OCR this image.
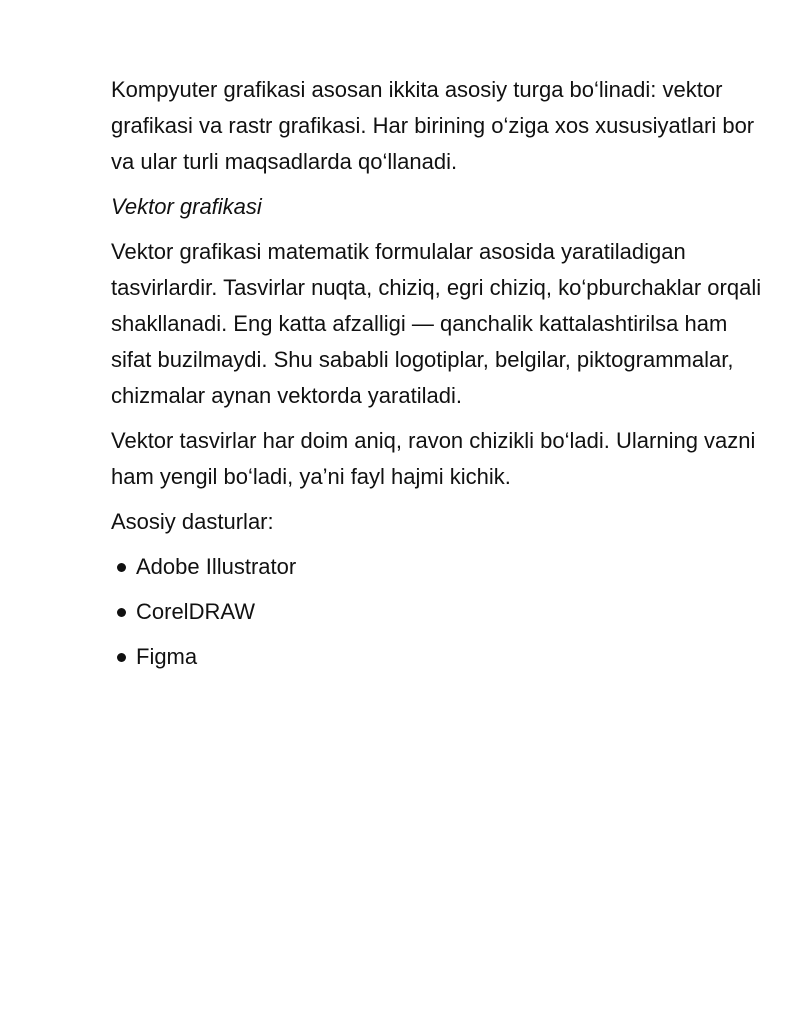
Kompyuter grafikasi asosan ikkita asosiy turga bo‘linadi: vektor grafikasi va rastr grafikasi. Har birining o‘ziga xos xususiyatlari bor va ular turli maqsadlarda qo‘llanadi.

Vektor grafikasi

Vektor grafikasi matematik formulalar asosida yaratiladigan tasvirlardir. Tasvirlar nuqta, chiziq, egri chiziq, ko‘pburchaklar orqali shakllanadi. Eng katta afzalligi — qanchalik kattalashtirilsa ham sifat buzilmaydi. Shu sababli logotiplar, belgilar, piktogrammalar, chizmalar aynan vektorda yaratiladi.

Vektor tasvirlar har doim aniq, ravon chizikli bo‘ladi. Ularning vazni ham yengil bo‘ladi, ya’ni fayl hajmi kichik.

Asosiy dasturlar:

Adobe Illustrator
CorelDRAW
Figma
